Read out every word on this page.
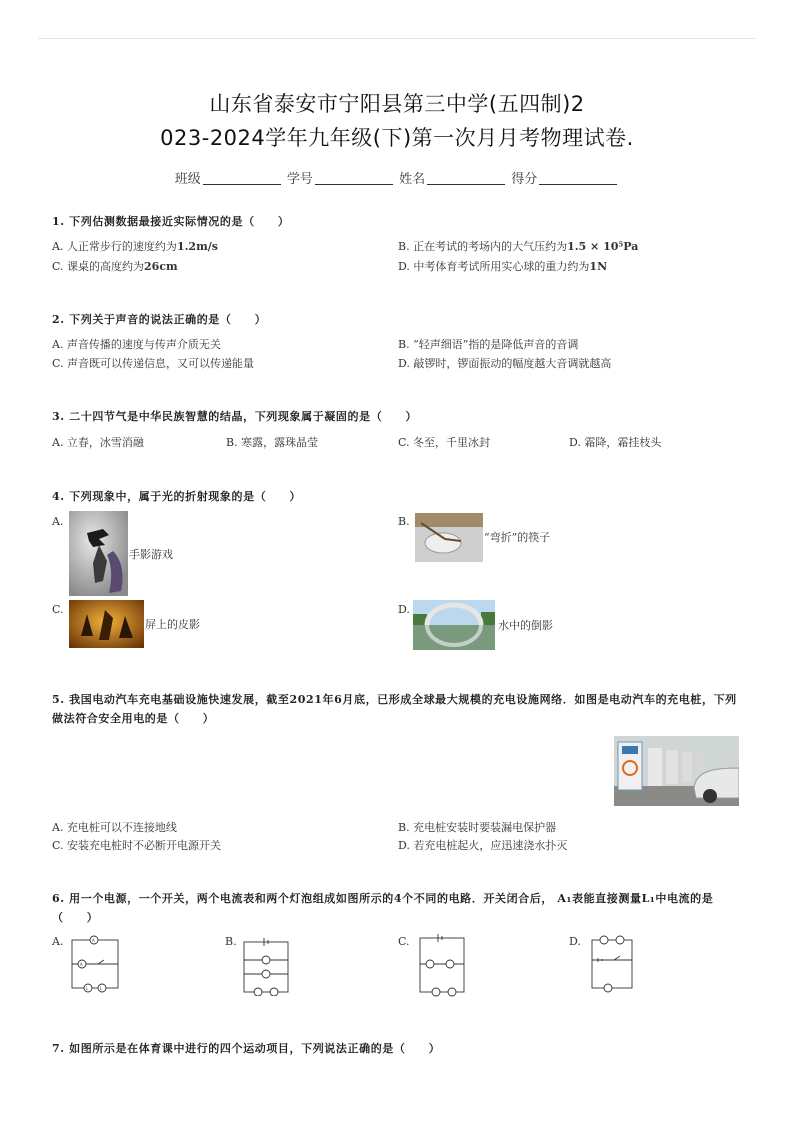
山东省泰安市宁阳县第三中学(五四制)2
023-2024学年九年级(下)第一次月月考物理试卷.
班级	学号	姓名	得分
1. 下列估测数据最接近实际情况的是（　　）
A. 人正常步行的速度约为1.2m/s	B. 正在考试的考场内的大气压约为1.5 × 10⁵Pa
C. 课桌的高度约为26cm	D. 中考体育考试所用实心球的重力约为1N
2. 下列关于声音的说法正确的是（　　）
A. 声音传播的速度与传声介质无关	B. “轻声细语”指的是降低声音的音调
C. 声音既可以传递信息，又可以传递能量	D. 敲锣时，锣面振动的幅度越大音调就越高
3. 二十四节气是中华民族智慧的结晶，下列现象属于凝固的是（　　）
A. 立春，冰雪消融	B. 寒露，露珠晶莹	C. 冬至，千里冰封	D. 霜降，霜挂枝头
4. 下列现象中，属于光的折射现象的是（　　）
A.
手影游戏
B.
“弯折”的筷子
C.
屏上的皮影
D.
水中的倒影
5. 我国电动汽车充电基础设施快速发展，截至2021年6月底，已形成全球最大规模的充电设施网络．如图是电动汽车的充电桩，下列做法符合安全用电的是（　　）
A. 充电桩可以不连接地线	B. 充电桩安装时要装漏电保护器
C. 安装充电桩时不必断开电源开关	D. 若充电桩起火，应迅速浇水扑灭
6. 用一个电源，一个开关，两个电流表和两个灯泡组成如图所示的4个不同的电路．开关闭合后， A₁表能直接测量L₁中电流的是
（　　）
A.	A
A
L	L
B.	C.	D.
7. 如图所示是在体育课中进行的四个运动项目，下列说法正确的是（　　）
